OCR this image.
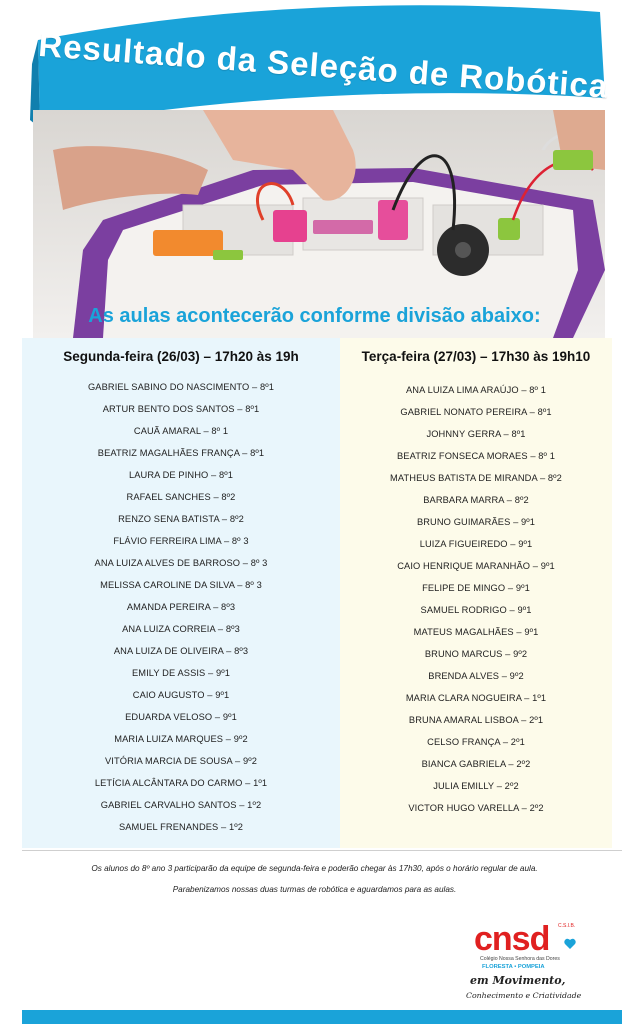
Resultado da Seleção de Robótica
As aulas acontecerão conforme divisão abaixo:
Segunda-feira (26/03) – 17h20 às 19h
GABRIEL SABINO DO NASCIMENTO – 8º1
ARTUR BENTO DOS SANTOS – 8º1
CAUÃ AMARAL – 8º 1
BEATRIZ MAGALHÃES FRANÇA – 8º1
LAURA DE PINHO – 8º1
RAFAEL SANCHES – 8º2
RENZO SENA BATISTA – 8º2
FLÁVIO FERREIRA LIMA – 8º 3
ANA LUIZA ALVES DE BARROSO – 8º 3
MELISSA CAROLINE DA SILVA – 8º 3
AMANDA PEREIRA – 8º3
ANA LUIZA CORREIA – 8º3
ANA LUIZA DE OLIVEIRA – 8º3
EMILY DE ASSIS – 9º1
CAIO AUGUSTO – 9º1
EDUARDA VELOSO – 9º1
MARIA LUIZA MARQUES – 9º2
VITÓRIA MARCIA DE SOUSA – 9º2
LETÍCIA ALCÂNTARA DO CARMO – 1º1
GABRIEL CARVALHO SANTOS – 1º2
SAMUEL FRENANDES – 1º2
Terça-feira (27/03) – 17h30 às 19h10
ANA LUIZA LIMA ARAÚJO – 8º 1
GABRIEL NONATO PEREIRA – 8º1
JOHNNY GERRA – 8º1
BEATRIZ FONSECA MORAES – 8º 1
MATHEUS BATISTA DE MIRANDA – 8º2
BARBARA MARRA – 8º2
BRUNO GUIMARÃES – 9º1
LUIZA FIGUEIREDO – 9º1
CAIO HENRIQUE MARANHÃO – 9º1
FELIPE DE MINGO – 9º1
SAMUEL RODRIGO – 9º1
MATEUS MAGALHÃES – 9º1
BRUNO MARCUS – 9º2
BRENDA ALVES – 9º2
MARIA CLARA NOGUEIRA – 1º1
BRUNA AMARAL LISBOA – 2º1
CELSO FRANÇA – 2º1
BIANCA GABRIELA – 2º2
JULIA EMILLY – 2º2
VICTOR HUGO VARELLA – 2º2
Os alunos do 8º ano 3 participarão da equipe de segunda-feira e poderão chegar às 17h30, após o horário regular de aula.
Parabenizamos nossas duas turmas de robótica e aguardamos para as aulas.
cnsd C.S.I.B.
Colégio Nossa Senhora das Dores
FLORESTA • POMPEIA
em Movimento,
Conhecimento e Criatividade
